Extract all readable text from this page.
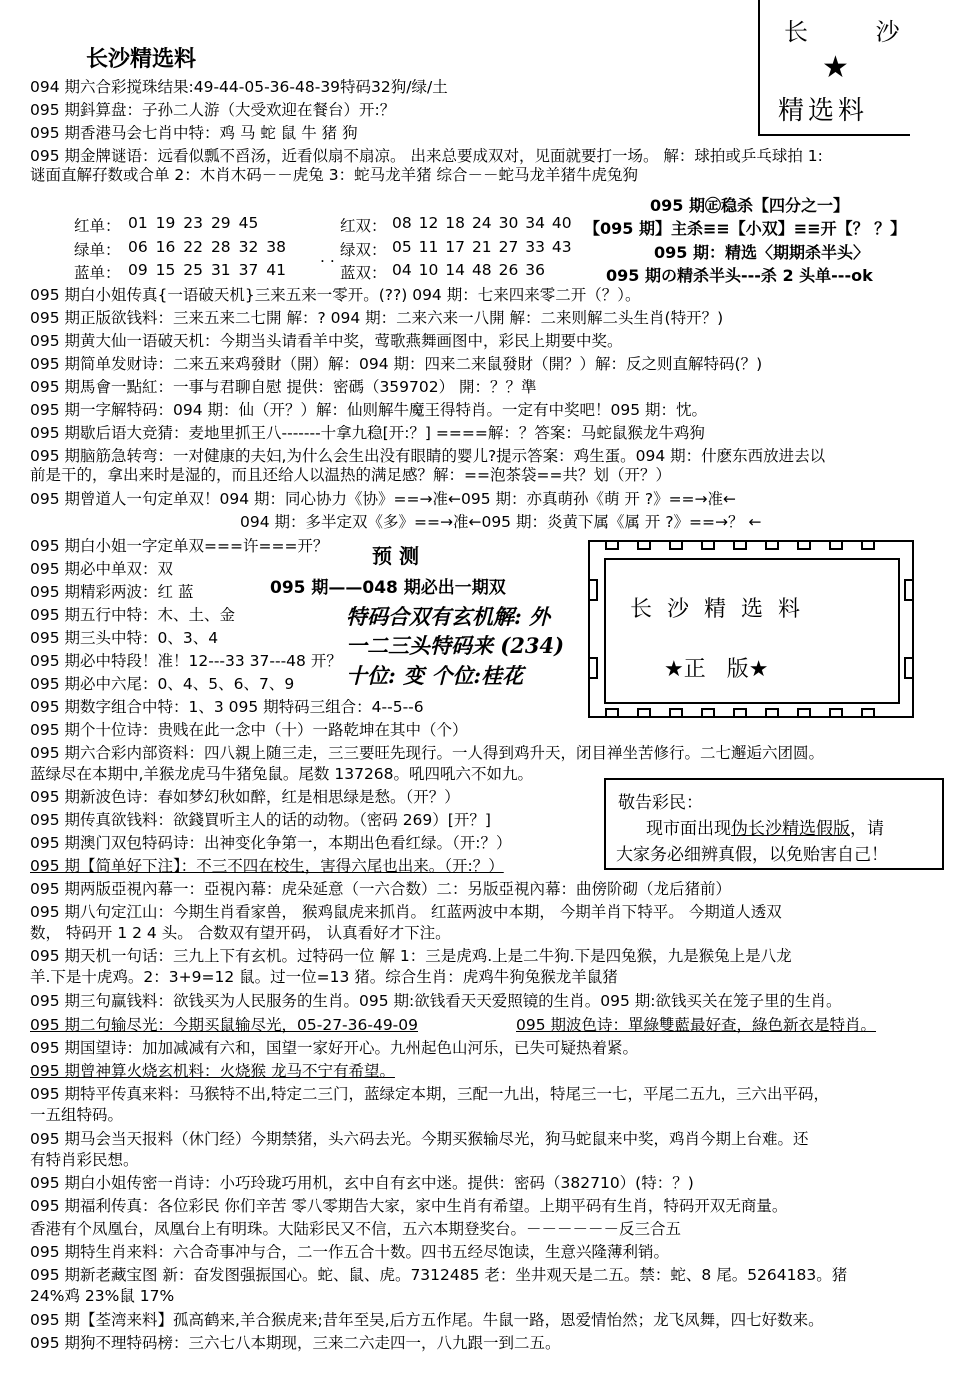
长沙精选料
长 沙
★
精选料
094 期六合彩搅珠结果:49-44-05-36-48-39特码32狗/绿/土
095 期鈄算盘：子孙二人游（大受欢迎在餐台）开:？
095 期香港马会七肖中特：鸡 马 蛇 鼠 牛 猪 狗
095 期金牌谜语：远看似瓢不舀汤，近看似扇不扇凉。 出来总要成双对，见面就要打一场。 解：球拍或乒乓球拍 1:
谜面直解孖数或合单 2：木肖木码－－虎兔 3：蛇马龙羊猪 综合－－蛇马龙羊猪牛虎兔狗
红单： 01 19 23 29 45
绿单： 06 16 22 28 32 38
蓝单： 09 15 25 31 37 41
红双： 08 12 18 24 30 34 40
绿双： 05 11 17 21 27 33 43
蓝双： 04 10 14 48 26 36
. .
095 期㊣稳杀【四分之一】
【095 期】主杀≡≡【小双】≡≡开【？ ？】
095 期：精选〈期期杀半头〉
095 期の精杀半头---杀 2 头单---ok
095 期白小姐传真{一语破天机}三来五来一零开。(??) 094 期：七来四来零二开（？）。
095 期正版欲钱料：三来五来二七開 解：? 094 期：二来六来一八開 解：二来则解二头生肖(特开？)
095 期黄大仙一语破天机：今期当头请看羊中奖，莺歌燕舞画图中，彩民上期要中奖。
095 期简单发财诗：二来五来鸡發財（開）解：094 期：四来二来鼠發財（開？）解：反之则直解特码(？)
095 期馬會一點紅：一事与君聊自慰 提供：密碼（359702） 開：？？準
095 期一字解特码：094 期：仙（开？）解：仙则解牛魔王得特肖。一定有中奖吧！095 期：忱。
095 期歇后语大竞猜：麦地里抓王八-------十拿九稳[开:？] ====解：？答案：马蛇鼠猴龙牛鸡狗
095 期脑筋急转弯：一对健康的夫妇,为什么会生出没有眼睛的婴儿?提示答案：鸡生蛋。094 期：什麽东西放进去以
前是干的，拿出来时是湿的，而且还给人以温热的满足感？解：==泡茶袋==共？划（开？）
095 期曾道人一句定单双！094 期：同心协力《协》==→准←095 期：亦真萌孙《萌 开 ?》==→准←
094 期：多半定双《多》==→准←095 期：炎黄下属《属 开 ?》==→？ ←
095 期白小姐一字定单双===许===开？
095 期必中单双：双
095 期精彩两波：红 蓝
095 期五行中特：木、土、金
095 期三头中特：0、3、4
095 期必中特段！准！12---33 37---48 开？
095 期必中六尾：0、4、5、6、7、9
095 期数字组合中特：1、3 095 期特码三组合：4--5--6
095 期个十位诗：贵贱在此一念中（十）一路乾坤在其中（个）
预 测
095 期——048 期必出一期双
特码合双有玄机解: 外
一二三头特码来 (234)
十位: 变 个位:桂花
长 沙 精 选 料
★正   版★
095 期六合彩内部资料：四八親上随三走，三三要旺先现行。一人得到鸡升天，闭目禅坐苦修行。二七邂逅六团圆。
蓝绿尽在本期中,羊猴龙虎马牛猪兔鼠。尾数 137268。吼四吼六不如九。
095 期新波色诗：春如梦幻秋如醉，红是相思绿是愁。（开？）
095 期传真欲钱料：欲錢買听主人的话的动物。（密码 269）[开？]
095 期澳门双包特码诗：出神变化争第一，本期出色看红绿。（开:？）
095 期【简单好下注】：不三不四在校生，害得六尾也出来。（开:？）
敬告彩民：
现市面出现伪长沙精选假版，请
大家务必细辨真假，以免贻害自己！
095 期两版亞視內幕一：亞視內幕：虎朵延意（一六合数）二：另版亞視內幕：曲傍阶砌（龙后猪前）
095 期八句定江山：今期生肖看家兽， 猴鸡鼠虎来抓肖。 红蓝两波中本期， 今期羊肖下特平。 今期道人透双
数， 特码开 1 2 4 头。 合数双有望开码， 认真看好才下注。
095 期天机一句话：三九上下有玄机。过特码一位 解 1：三是虎鸡.上是二牛狗.下是四兔猴，九是猴兔上是八龙
羊.下是十虎鸡。2：3+9=12 鼠。过一位=13 猪。综合生肖：虎鸡牛狗兔猴龙羊鼠猪
095 期三句赢钱料：欲钱买为人民服务的生肖。095 期:欲钱看天天爱照镜的生肖。095 期:欲钱买关在笼子里的生肖。
095 期二句输尽光：今期买鼠输尽光，05-27-36-49-09	095 期波色诗：單綠雙藍最好查，綠色新衣是特肖。
095 期国望诗：加加减减有六和，国望一家好开心。九州起色山河乐，已失可疑热着紧。
095 期曾神算火烧玄机料：火烧猴 龙马不宁有希望。
095 期特平传真来料：马猴特不出,特定二三门，蓝绿定本期，三配一九出，特尾三一七，平尾二五九，三六出平码，
一五组特码。
095 期马会当天报料（休门经）今期禁猪，头六码去光。今期买猴输尽光，狗马蛇鼠来中奖，鸡肖今期上台难。还
有特肖彩民想。
095 期白小姐传密一肖诗：小巧玲珑巧用机，玄中自有玄中迷。提供：密码（382710）(特：？)
095 期福利传真：各位彩民 你们辛苦 零八零期告大家，家中生肖有希望。上期平码有生肖，特码开双无商量。
香港有个凤凰台，凤凰台上有明珠。大陆彩民又不信，五六本期登奖台。－－－－－－反三合五
095 期特生肖来料：六合奇事冲与合，二一作五合十数。四书五经尽饱读，生意兴隆薄利销。
095 期新老藏宝图 新：奋发图强振国心。蛇、鼠、虎。7312485 老：坐井观天是二五。禁：蛇、8 尾。5264183。猪
24%鸡 23%鼠 17%
095 期【荃湾来料】孤高鹤来,羊合猴虎来;昔年至吴,后方五作尾。牛鼠一路，恩爱情怡然；龙飞凤舞，四七好数来。
095 期狗不理特码榜：三六七八本期现，三来二六走四一，八九跟一到二五。
